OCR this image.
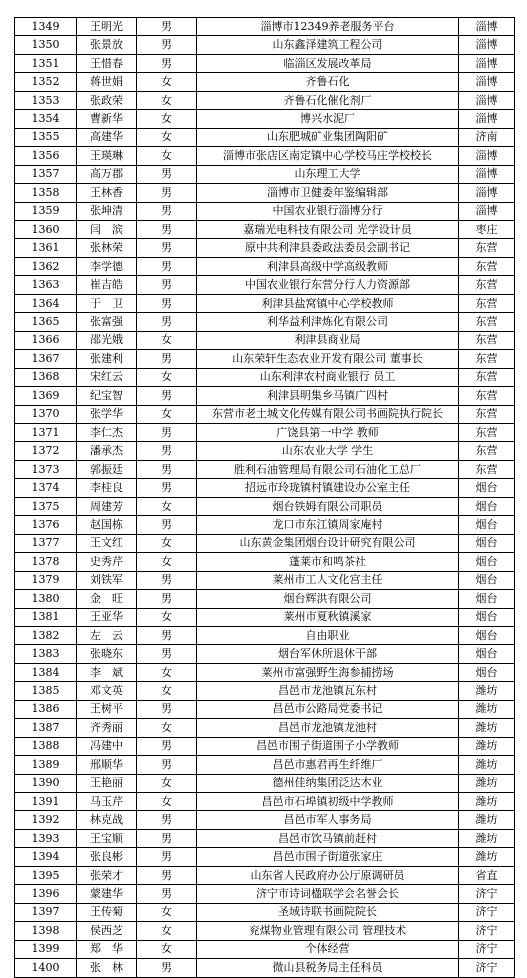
1349	王明光	男	淄博市12349养老服务平台	淄博
1350	张景放	男	山东鑫泽建筑工程公司	淄博
1351	王惜春	男	临淄区发展改革局	淄博
1352	蒋世娟	女	齐鲁石化	淄博
1353	张政荣	女	齐鲁石化催化剂厂	淄博
1354	曹新华	女	博兴水泥厂	淄博
1355	高建华	女	山东肥城矿业集团陶阳矿	济南
1356	王瑛琳	女	淄博市张店区南定镇中心学校马庄学校校长	淄博
1357	高万郡	男	山东理工大学	淄博
1358	王林香	男	淄博市卫健委年鉴编辑部	淄博
1359	张坤清	男	中国农业银行淄博分行	淄博
1360	闫　滨	男	嘉瑞光电科技有限公司 光学设计员	枣庄
1361	张林荣	男	原中共利津县委政法委员会副书记	东营
1362	李学德	男	利津县高级中学高级教师	东营
1363	崔吉皓	男	中国农业银行东营分行人力资源部	东营
1364	于　卫	男	利津县盐窝镇中心学校教师	东营
1365	张富强	男	利华益利津炼化有限公司	东营
1366	邵光娥	女	利津县商业局	东营
1367	张建利	男	山东荣轩生态农业开发有限公司 董事长	东营
1368	宋红云	女	山东利津农村商业银行 员工	东营
1369	纪宝智	男	利津县明集乡马镇广四村	东营
1370	张学华	女	东营市老土城文化传媒有限公司书画院执行院长	东营
1371	李仁杰	男	广饶县第一中学 教师	东营
1372	潘承杰	男	山东农业大学 学生	东营
1373	郭振廷	男	胜利石油管理局有限公司石油化工总厂	东营
1374	李桂良	男	招远市玲珑镇村镇建设办公室主任	烟台
1375	周建芳	女	烟台铁姆有限公司职员	烟台
1376	赵国栋	男	龙口市东江镇周家庵村	烟台
1377	王文红	女	山东黄金集团烟台设计研究有限公司	烟台
1378	史秀芹	女	蓬莱市和鸣茶社	烟台
1379	刘铁军	男	莱州市工人文化宫主任	烟台
1380	金　旺	男	烟台辉洪有限公司	烟台
1381	王亚华	女	莱州市夏秋镇溪家	烟台
1382	左　云	男	自由职业	烟台
1383	张晓东	男	烟台军休所退休干部	烟台
1384	李　斌	女	莱州市富强野生海参捕捞场	烟台
1385	邓文英	女	昌邑市龙池镇瓦东村	潍坊
1386	王树平	男	昌邑市公路局党委书记	潍坊
1387	齐秀丽	女	昌邑市龙池镇龙池村	潍坊
1388	冯建中	男	昌邑市围子街道围子小学教师	潍坊
1389	邢顺华	男	昌邑市惠君再生纤维厂	潍坊
1390	王艳丽	女	德州佳纳集团泛达木业	潍坊
1391	马玉芹	女	昌邑市石埠镇初级中学教师	潍坊
1392	林克战	男	昌邑市军人事务局	潍坊
1393	王宝顺	男	昌邑市饮马镇前赶村	潍坊
1394	张良彬	男	昌邑市围子街道张家庄	潍坊
1395	张荣才	男	山东省人民政府办公厅原调研员	省直
1396	蒙建华	男	济宁市诗词楹联学会名誉会长	济宁
1397	王传菊	女	圣域诗联书画院院长	济宁
1398	侯西芝	女	兖煤物业管理有限公司 管理技术	济宁
1399	郑　华	女	个体经营	济宁
1400	张　林	男	微山县税务局主任科员	济宁
